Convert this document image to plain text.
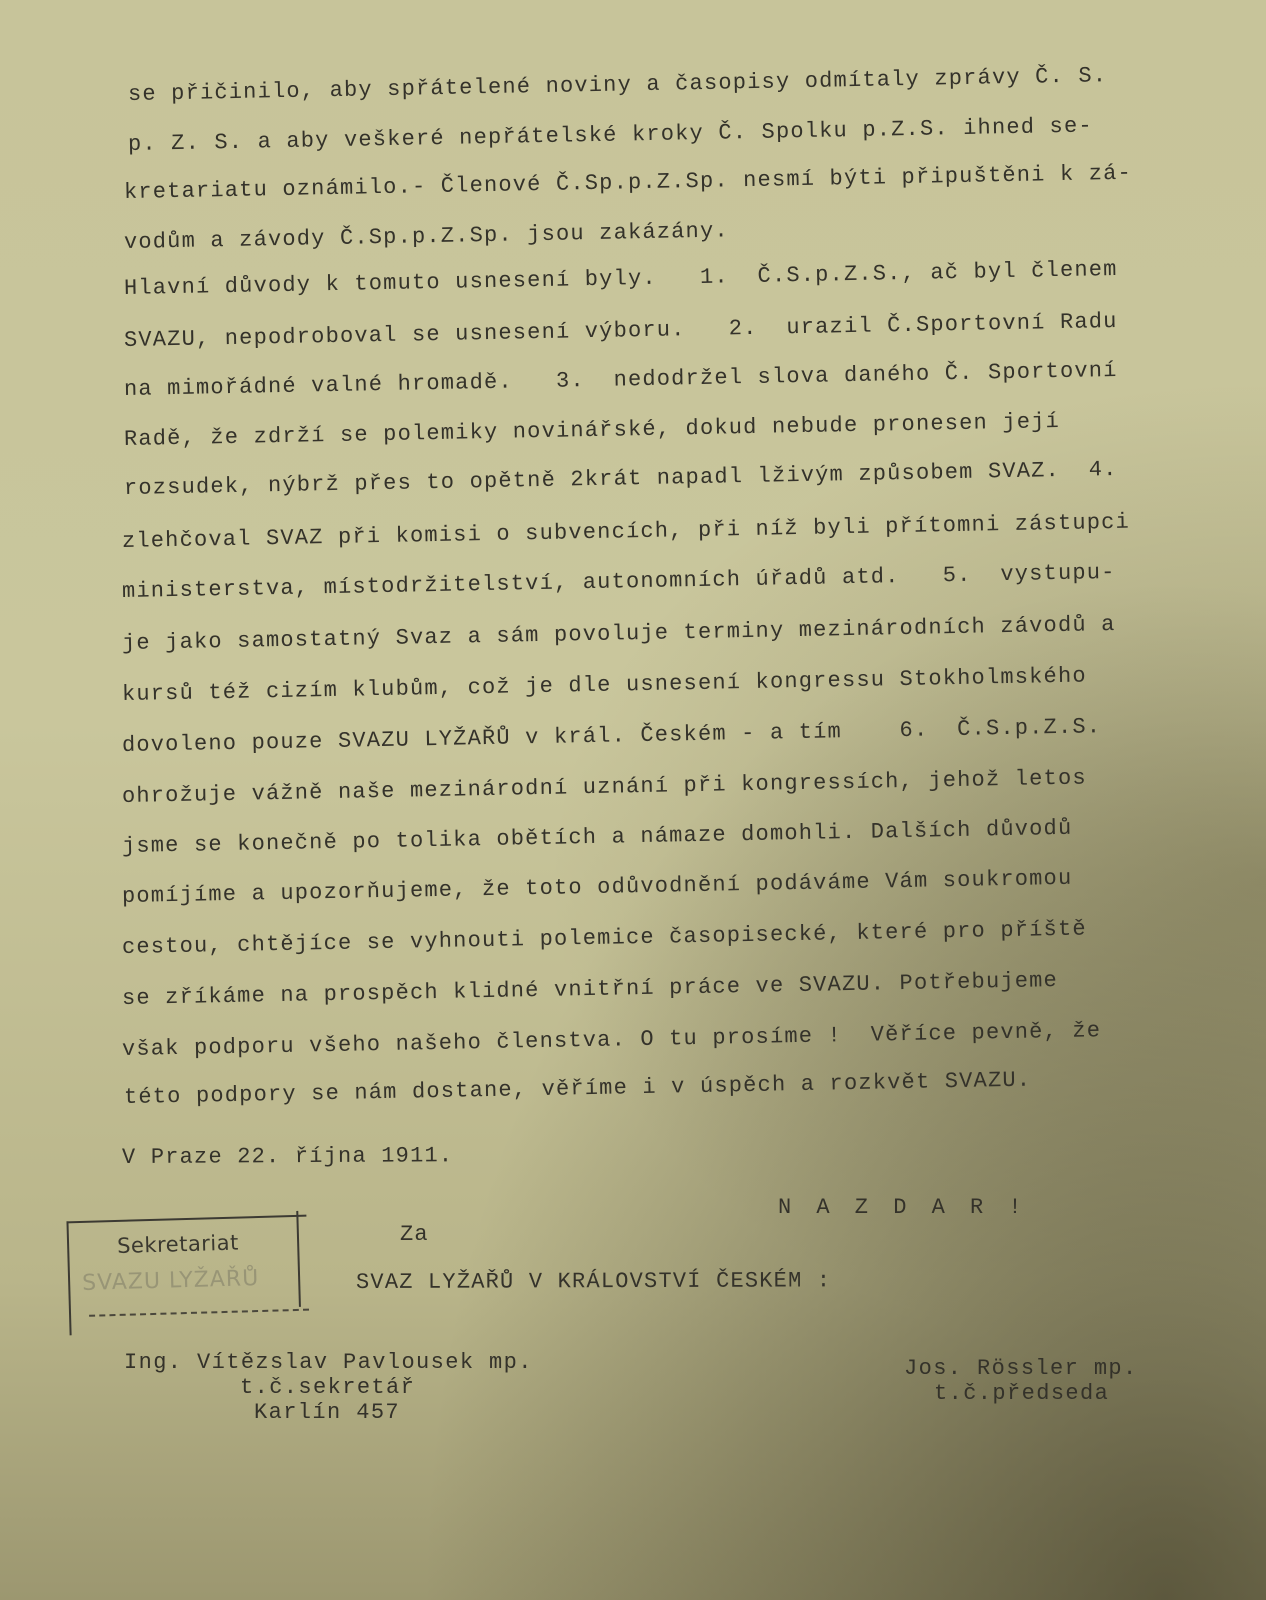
se přičinilo, aby spřátelené noviny a časopisy odmítaly zprávy Č. S.
p. Z. S. a aby veškeré nepřátelské kroky Č. Spolku p.Z.S. ihned se-
kretariatu oznámilo.- Členové Č.Sp.p.Z.Sp. nesmí býti připuštěni k zá-
vodům a závody Č.Sp.p.Z.Sp. jsou zakázány.
Hlavní důvody k tomuto usnesení byly.   1.  Č.S.p.Z.S., ač byl členem
SVAZU, nepodroboval se usnesení výboru.   2.  urazil Č.Sportovní Radu
na mimořádné valné hromadě.   3.  nedodržel slova daného Č. Sportovní
Radě, že zdrží se polemiky novinářské, dokud nebude pronesen její
rozsudek, nýbrž přes to opětně 2krát napadl lživým způsobem SVAZ.  4.
zlehčoval SVAZ při komisi o subvencích, při níž byli přítomni zástupci
ministerstva, místodržitelství, autonomních úřadů atd.   5.  vystupu-
je jako samostatný Svaz a sám povoluje terminy mezinárodních závodů a
kursů též cizím klubům, což je dle usnesení kongressu Stokholmského
dovoleno pouze SVAZU LYŽAŘŮ v král. Českém - a tím    6.  Č.S.p.Z.S.
ohrožuje vážně naše mezinárodní uznání při kongressích, jehož letos
jsme se konečně po tolika obětích a námaze domohli. Dalších důvodů
pomíjíme a upozorňujeme, že toto odůvodnění podáváme Vám soukromou
cestou, chtějíce se vyhnouti polemice časopisecké, které pro příště
se zříkáme na prospěch klidné vnitřní práce ve SVAZU. Potřebujeme
však podporu všeho našeho členstva. O tu prosíme !  Věříce pevně, že
této podpory se nám dostane, věříme i v úspěch a rozkvět SVAZU.
V Praze 22. října 1911.
N A Z D A R !
Za
SVAZ LYŽAŘŮ V KRÁLOVSTVÍ ČESKÉM :
Sekretariat
SVAZU LYŽAŘŮ
Ing. Vítězslav Pavlousek mp.
t.č.sekretář
Karlín 457
Jos. Rössler mp.
t.č.předseda
